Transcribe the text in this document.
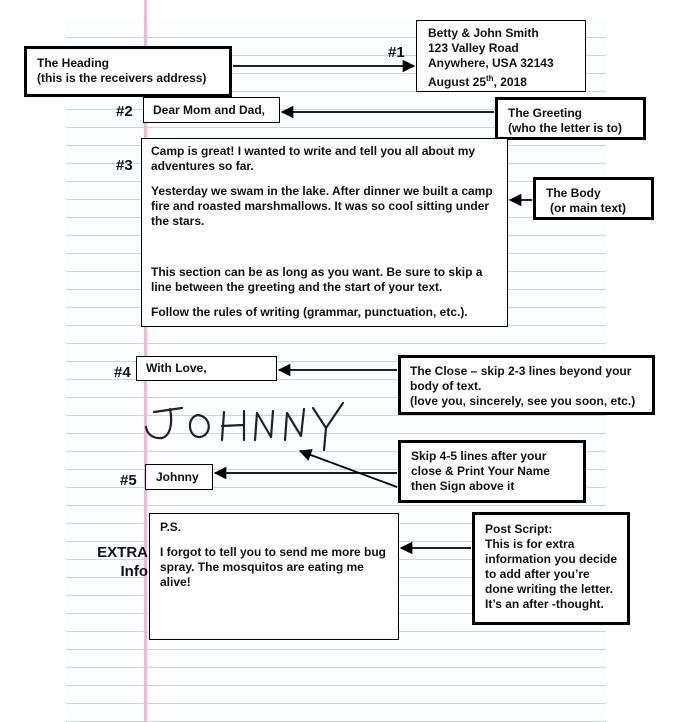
Betty & John Smith
123 Valley Road
Anywhere, USA 32143
August 25th, 2018
#1
The Heading
(this is the receivers address)
#2	Dear Mom and Dad,	The Greeting
(who the letter is to)
#3
Camp is great! I wanted to write and tell you all about my
adventures so far.
Yesterday we swam in the lake. After dinner we built a camp
fire and roasted marshmallows. It was so cool sitting under
the stars.
This section can be as long as you want. Be sure to skip a
line between the greeting and the start of your text.
Follow the rules of writing (grammar, punctuation, etc.).
The Body
(or main text)
#4	With Love,	The Close – skip 2-3 lines beyond your
body of text.
(love you, sincerely, see you soon, etc.)
#5	Johnny
Skip 4-5 lines after your
close & Print Your Name
then Sign above it
EXTRA
Info
P.S.
I forgot to tell you to send me more bug
spray. The mosquitos are eating me
alive!
Post Script:
This is for extra
information you decide
to add after you’re
done writing the letter.
It’s an after -thought.
